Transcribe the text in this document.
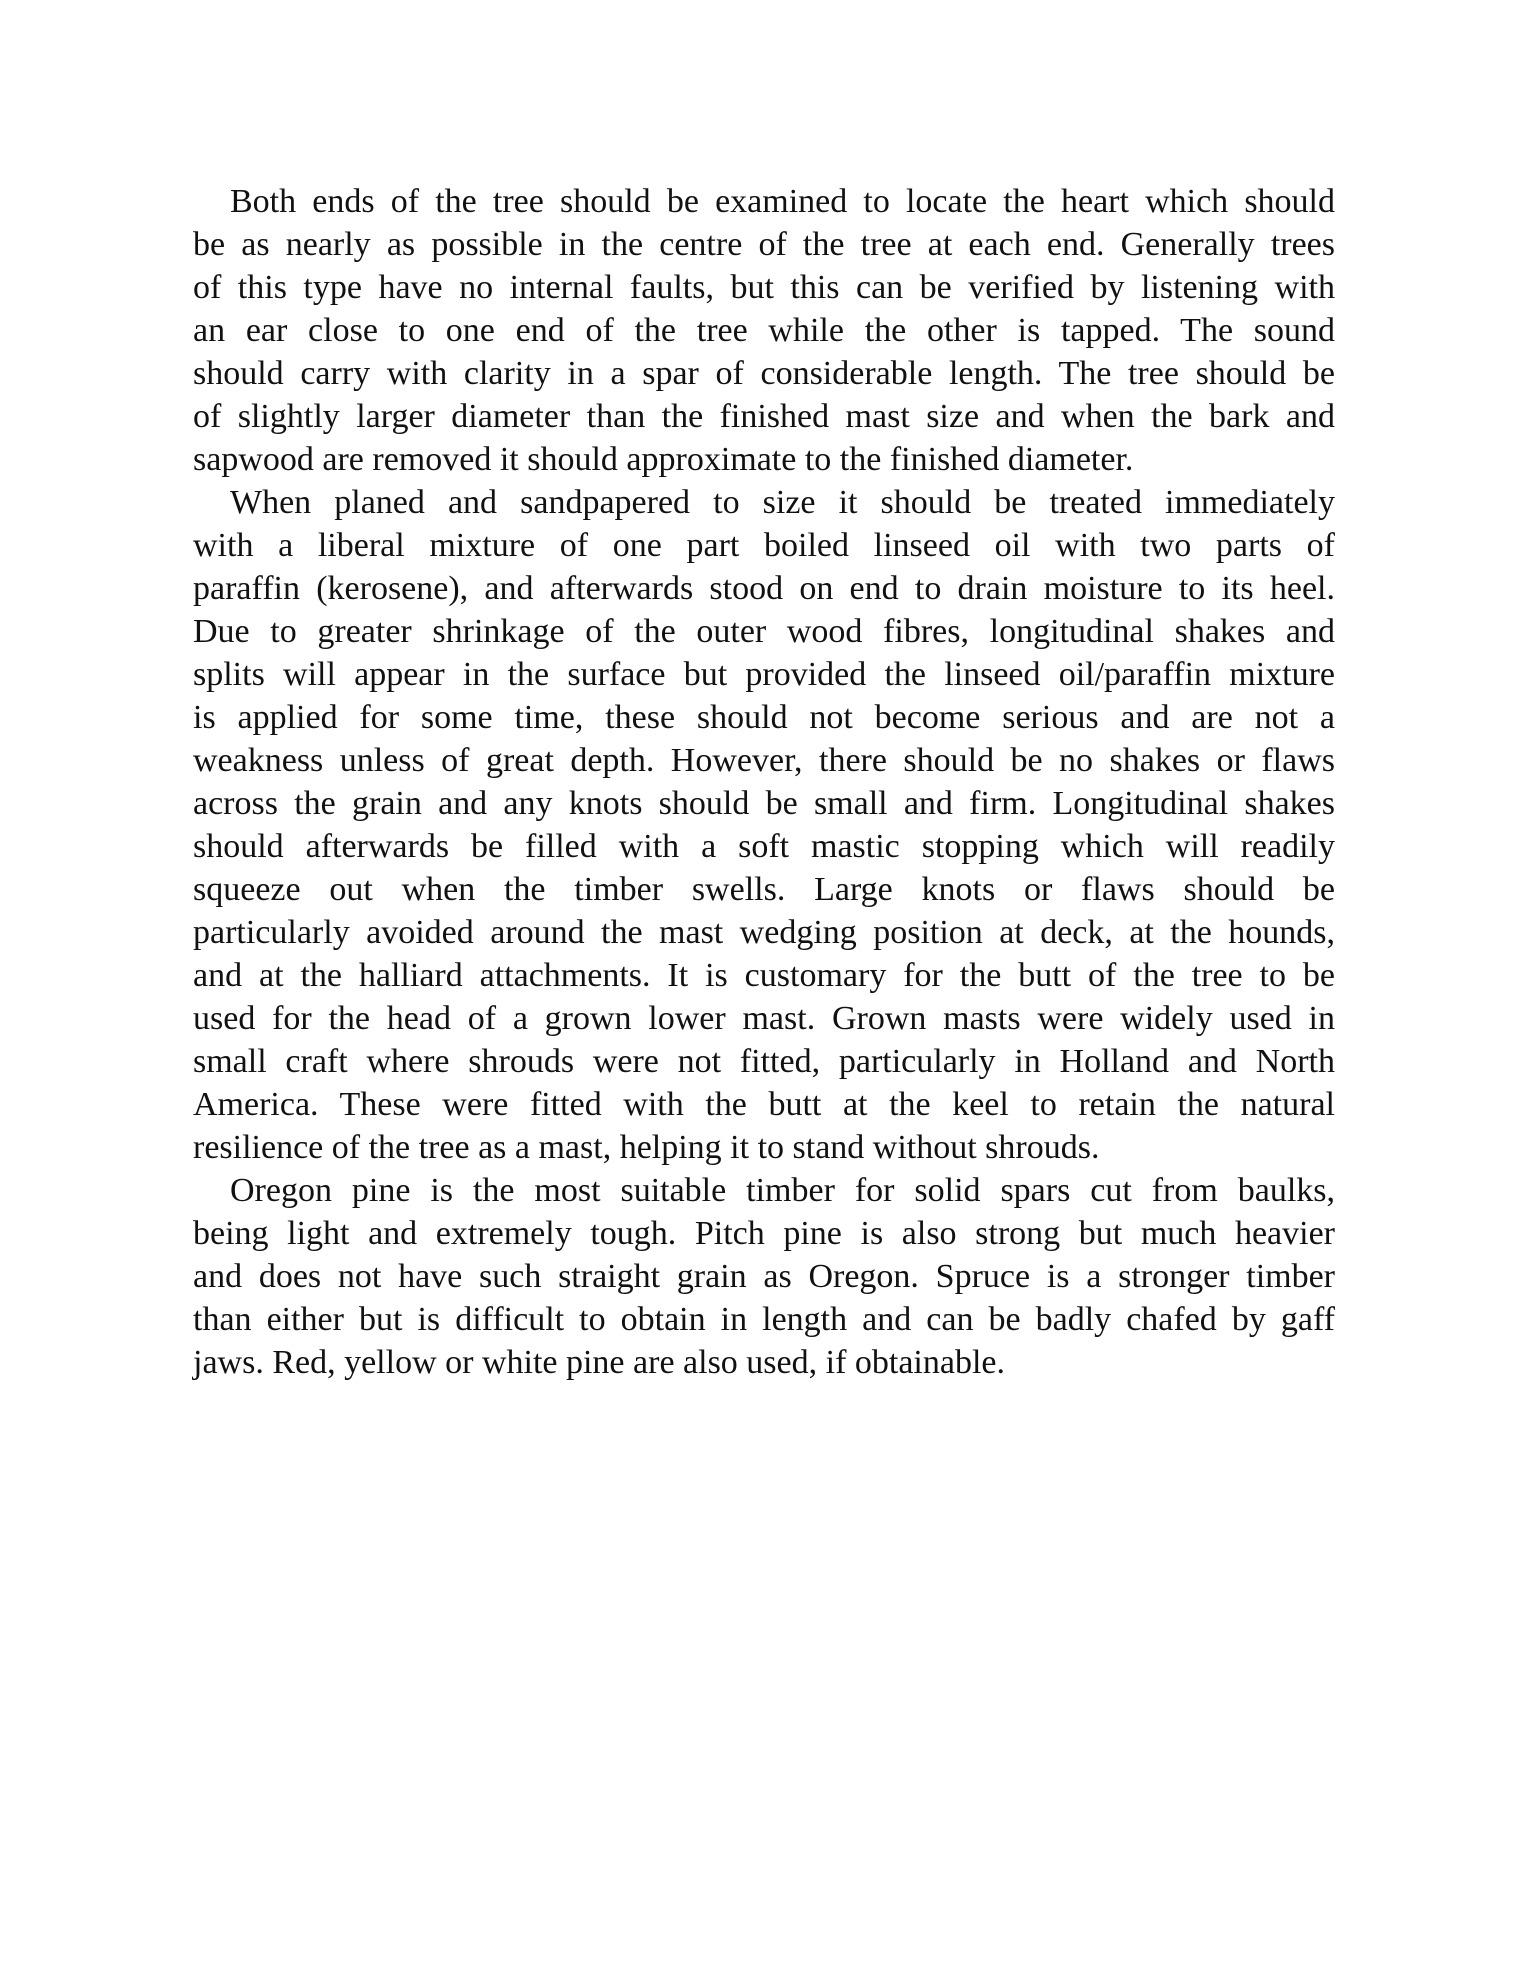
Both ends of the tree should be examined to locate the heart which should
be as nearly as possible in the centre of the tree at each end. Generally trees
of this type have no internal faults, but this can be verified by listening with
an ear close to one end of the tree while the other is tapped. The sound
should carry with clarity in a spar of considerable length. The tree should be
of slightly larger diameter than the finished mast size and when the bark and
sapwood are removed it should approximate to the finished diameter.

When planed and sandpapered to size it should be treated immediately
with a liberal mixture of one part boiled linseed oil with two parts of
paraffin (kerosene), and afterwards stood on end to drain moisture to its heel.
Due to greater shrinkage of the outer wood fibres, longitudinal shakes and
splits will appear in the surface but provided the linseed oil/paraffin mixture
is applied for some time, these should not become serious and are not a
weakness unless of great depth. However, there should be no shakes or flaws
across the grain and any knots should be small and firm. Longitudinal shakes
should afterwards be filled with a soft mastic stopping which will readily
squeeze out when the timber swells. Large knots or flaws should be
particularly avoided around the mast wedging position at deck, at the hounds,
and at the halliard attachments. It is customary for the butt of the tree to be
used for the head of a grown lower mast. Grown masts were widely used in
small craft where shrouds were not fitted, particularly in Holland and North
America. These were fitted with the butt at the keel to retain the natural
resilience of the tree as a mast, helping it to stand without shrouds.

Oregon pine is the most suitable timber for solid spars cut from baulks,
being light and extremely tough. Pitch pine is also strong but much heavier
and does not have such straight grain as Oregon. Spruce is a stronger timber
than either but is difficult to obtain in length and can be badly chafed by gaff
jaws. Red, yellow or white pine are also used, if obtainable.
